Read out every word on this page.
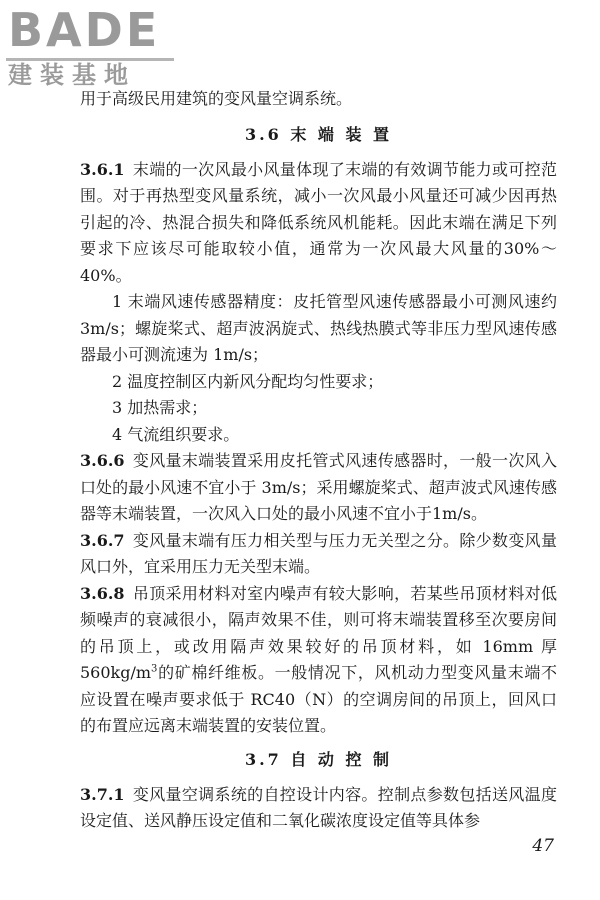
BADE
建装基地

用于高级民用建筑的变风量空调系统。

3.6 末 端 装 置

3.6.1 末端的一次风最小风量体现了末端的有效调节能力或可控范围。对于再热型变风量系统，减小一次风最小风量还可减少因再热引起的冷、热混合损失和降低系统风机能耗。因此末端在满足下列要求下应该尽可能取较小值，通常为一次风最大风量的30%～40%。

1 末端风速传感器精度：皮托管型风速传感器最小可测风速约 3m/s；螺旋桨式、超声波涡旋式、热线热膜式等非压力型风速传感器最小可测流速为 1m/s；

2 温度控制区内新风分配均匀性要求；

3 加热需求；

4 气流组织要求。

3.6.6 变风量末端装置采用皮托管式风速传感器时，一般一次风入口处的最小风速不宜小于 3m/s；采用螺旋桨式、超声波式风速传感器等末端装置，一次风入口处的最小风速不宜小于1m/s。

3.6.7 变风量末端有压力相关型与压力无关型之分。除少数变风量风口外，宜采用压力无关型末端。

3.6.8 吊顶采用材料对室内噪声有较大影响，若某些吊顶材料对低频噪声的衰减很小，隔声效果不佳，则可将末端装置移至次要房间的吊顶上，或改用隔声效果较好的吊顶材料，如 16mm 厚 $560kg/m^3$的矿棉纤维板。一般情况下，风机动力型变风量末端不应设置在噪声要求低于 RC40（N）的空调房间的吊顶上，回风口的布置应远离末端装置的安装位置。

3.7 自 动 控 制

3.7.1 变风量空调系统的自控设计内容。控制点参数包括送风温度设定值、送风静压设定值和二氧化碳浓度设定值等具体参

47
